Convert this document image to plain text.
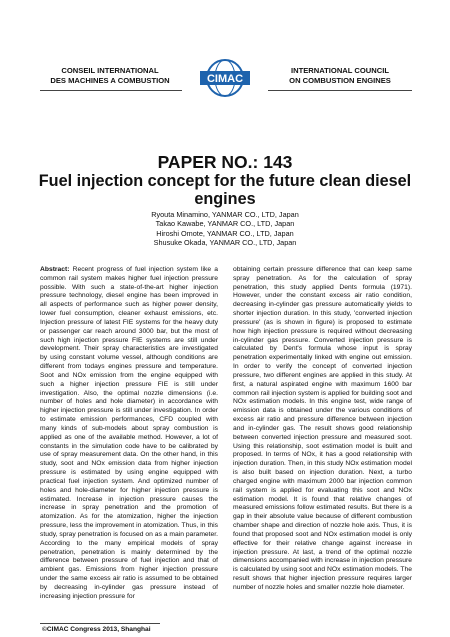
CONSEIL INTERNATIONAL
DES MACHINES A COMBUSTION	CIMAC
INTERNATIONAL COUNCIL
ON COMBUSTION ENGINES
PAPER NO.: 143
Fuel injection concept for the future clean diesel engines
Ryouta Minamino, YANMAR CO., LTD, Japan
Takao Kawabe, YANMAR CO., LTD, Japan
Hiroshi Omote, YANMAR CO., LTD, Japan
Shusuke Okada, YANMAR CO., LTD, Japan

Abstract: Recent progress of fuel injection system like a common rail system makes higher fuel injection pressure possible. With such a state-of-the-art higher injection pressure technology, diesel engine has been improved in all aspects of performance such as higher power density, lower fuel consumption, cleaner exhaust emissions, etc. Injection pressure of latest FIE systems for the heavy duty or passenger car reach around 3000 bar, but the most of such high injection pressure FIE systems are still under development. Their spray characteristics are investigated by using constant volume vessel, although conditions are different from todays engines pressure and temperature. Soot and NOx emission from the engine equipped with such a higher injection pressure FIE is still under investigation. Also, the optimal nozzle dimensions (i.e. number of holes and hole diameter) in accordance with higher injection pressure is still under investigation. In order to estimate emission performances, CFD coupled with many kinds of sub-models about spray combustion is applied as one of the available method. However, a lot of constants in the simulation code have to be calibrated by use of spray measurement data. On the other hand, in this study, soot and NOx emission data from higher injection pressure is estimated by using engine equipped with practical fuel injection system. And optimized number of holes and hole-diameter for higher injection pressure is estimated. Increase in injection pressure causes the increase in spray penetration and the promotion of atomization. As for the atomization, higher the injection pressure, less the improvement in atomization. Thus, in this study, spray penetration is focused on as a main parameter. According to the many empirical models of spray penetration, penetration is mainly determined by the difference between pressure of fuel injection and that of ambient gas. Emissions from higher injection pressure under the same excess air ratio is assumed to be obtained by decreasing in-cylinder gas pressure instead of increasing injection pressure for

obtaining certain pressure difference that can keep same spray penetration. As for the calculation of spray penetration, this study applied Dents formula (1971). However, under the constant excess air ratio condition, decreasing in-cylinder gas pressure automatically yields to shorter injection duration. In this study, 'converted injection pressure' (as is shown in figure) is proposed to estimate how high injection pressure is required without decreasing in-cylinder gas pressure. Converted injection pressure is calculated by Dent's formula whose input is spray penetration experimentally linked with engine out emission. In order to verify the concept of converted injection pressure, two different engines are applied in this study. At first, a natural aspirated engine with maximum 1600 bar common rail injection system is applied for building soot and NOx estimation models. In this engine test, wide range of emission data is obtained under the various conditions of excess air ratio and pressure difference between injection and in-cylinder gas. The result shows good relationship between converted injection pressure and measured soot. Using this relationship, soot estimation model is built and proposed. In terms of NOx, it has a good relationship with injection duration. Then, in this study NOx estimation model is also built based on injection duration. Next, a turbo charged engine with maximum 2000 bar injection common rail system is applied for evaluating this soot and NOx estimation model. It is found that relative changes of measured emissions follow estimated results. But there is a gap in their absolute value because of different combustion chamber shape and direction of nozzle hole axis. Thus, it is found that proposed soot and NOx estimation model is only effective for their relative change against increase in injection pressure. At last, a trend of the optimal nozzle dimensions accompanied with increase in injection pressure is calculated by using soot and NOx estimation models. The result shows that higher injection pressure requires larger number of nozzle holes and smaller nozzle hole diameter.

©CIMAC Congress 2013, Shanghai
